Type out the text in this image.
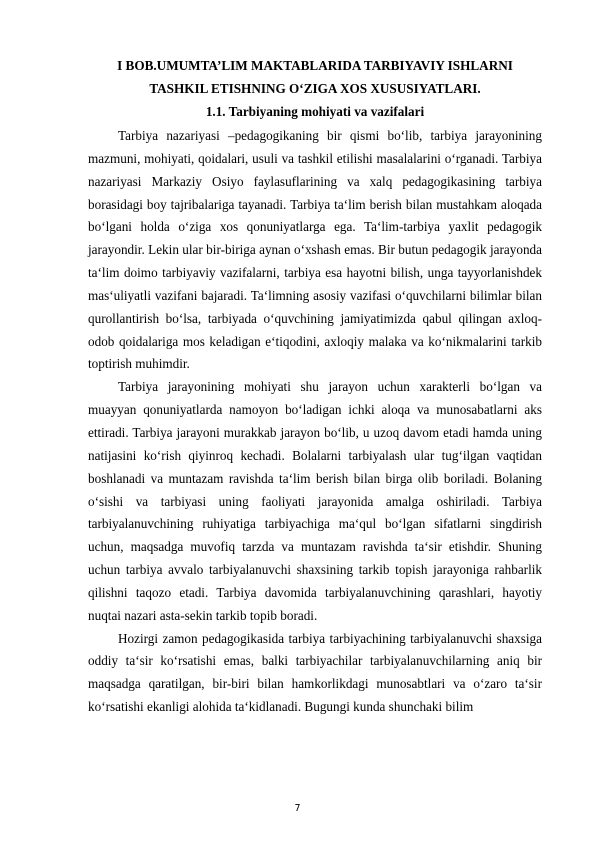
I BOB.UMUMTA’LIM MAKTABLARIDA TARBIYAVIY ISHLARNI

TASHKIL ETISHNING O‘ZIGA XOS XUSUSIYATLARI.

1.1. Tarbiyaning mohiyati va vazifalari

Tarbiya nazariyasi –pedagogikaning bir qismi bo‘lib, tarbiya jarayonining mazmuni, mohiyati, qoidalari, usuli va tashkil etilishi masalalarini o‘rganadi. Tarbiya nazariyasi Markaziy Osiyo faylasuflarining va xalq pedagogikasining tarbiya borasidagi boy tajribalariga tayanadi. Tarbiya ta‘lim berish bilan mustahkam aloqada bo‘lgani holda o‘ziga xos qonuniyatlarga ega. Ta‘lim-tarbiya yaxlit pedagogik jarayondir. Lekin ular bir-biriga aynan o‘xshash emas. Bir butun pedagogik jarayonda ta‘lim doimo tarbiyaviy vazifalarni, tarbiya esa hayotni bilish, unga tayyorlanishdek mas‘uliyatli vazifani bajaradi. Ta‘limning asosiy vazifasi o‘quvchilarni bilimlar bilan qurollantirish bo‘lsa, tarbiyada o‘quvchining jamiyatimizda qabul qilingan axloq-odob qoidalariga mos keladigan e‘tiqodini, axloqiy malaka va ko‘nikmalarini tarkib toptirish muhimdir.

Tarbiya jarayonining mohiyati shu jarayon uchun xarakterli bo‘lgan va muayyan qonuniyatlarda namoyon bo‘ladigan ichki aloqa va munosabatlarni aks ettiradi. Tarbiya jarayoni murakkab jarayon bo‘lib, u uzoq davom etadi hamda uning natijasini ko‘rish qiyinroq kechadi. Bolalarni tarbiyalash ular tug‘ilgan vaqtidan boshlanadi va muntazam ravishda ta‘lim berish bilan birga olib boriladi. Bolaning o‘sishi va tarbiyasi uning faoliyati jarayonida amalga oshiriladi. Tarbiya tarbiyalanuvchining ruhiyatiga tarbiyachiga ma‘qul bo‘lgan sifatlarni singdirish uchun, maqsadga muvofiq tarzda va muntazam ravishda ta‘sir etishdir. Shuning uchun tarbiya avvalo tarbiyalanuvchi shaxsining tarkib topish jarayoniga rahbarlik qilishni taqozo etadi. Tarbiya davomida tarbiyalanuvchining qarashlari, hayotiy nuqtai nazari asta-sekin tarkib topib boradi.

Hozirgi zamon pedagogikasida tarbiya tarbiyachining tarbiyalanuvchi shaxsiga oddiy ta‘sir ko‘rsatishi emas, balki tarbiyachilar tarbiyalanuvchilarning aniq bir maqsadga qaratilgan, bir-biri bilan hamkorlikdagi munosabtlari va o‘zaro ta‘sir ko‘rsatishi ekanligi alohida ta‘kidlanadi. Bugungi kunda shunchaki bilim

7
